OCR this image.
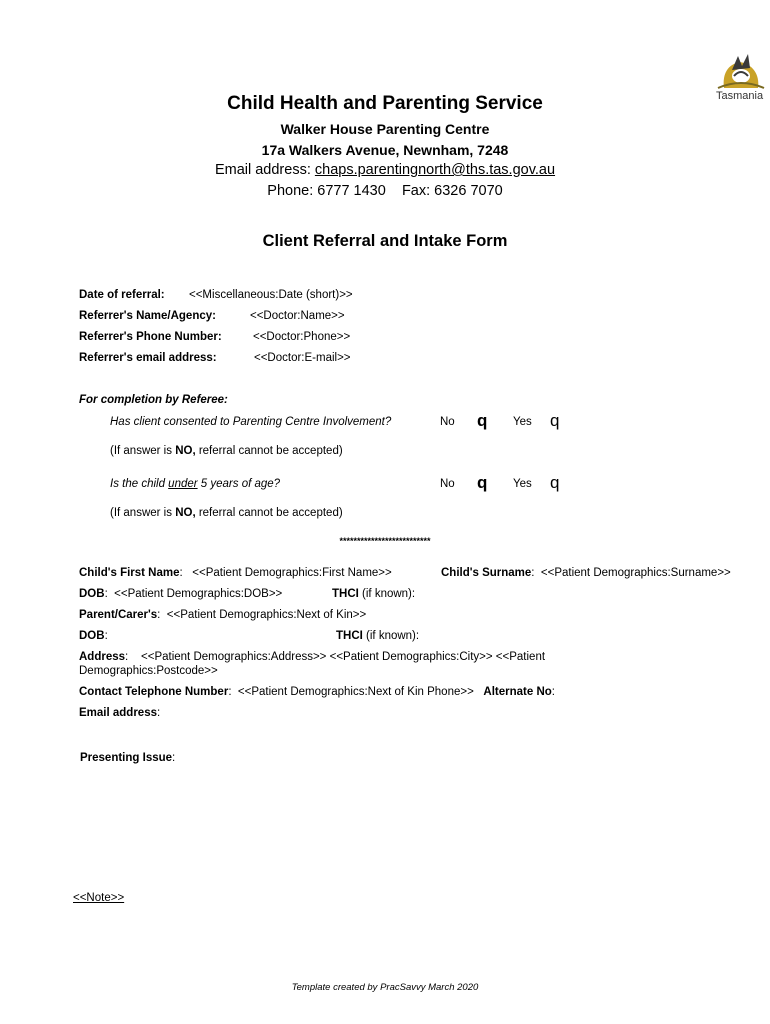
Tasmania
Child Health and Parenting Service
Walker House Parenting Centre
17a Walkers Avenue, Newnham, 7248
Email address: chaps.parentingnorth@ths.tas.gov.au
Phone: 6777 1430 Fax: 6326 7070
Client Referral and Intake Form
Date of referral: <<Miscellaneous:Date (short)>>
Referrer's Name/Agency:	<<Doctor:Name>>
Referrer's Phone Number:	<<Doctor:Phone>>
Referrer's email address:	<<Doctor:E-mail>>
For completion by Referee:
Has client consented to Parenting Centre Involvement?	No q Yes q
(If answer is NO, referral cannot be accepted)
Is the child under 5 years of age?	No q Yes q
(If answer is NO, referral cannot be accepted)
**************************
Child's First Name:   <<Patient Demographics:First Name>>	Child's Surname:  <<Patient Demographics:Surname>>
DOB:  <<Patient Demographics:DOB>>	THCI (if known):
Parent/Carer's:  <<Patient Demographics:Next of Kin>>
DOB:	THCI (if known):
Address:    <<Patient Demographics:Address>> <<Patient Demographics:City>> <<Patient
Demographics:Postcode>>
Contact Telephone Number:  <<Patient Demographics:Next of Kin Phone>> Alternate No:
Email address:
Presenting Issue:
<<Note>>
Template created by PracSavvy March 2020
